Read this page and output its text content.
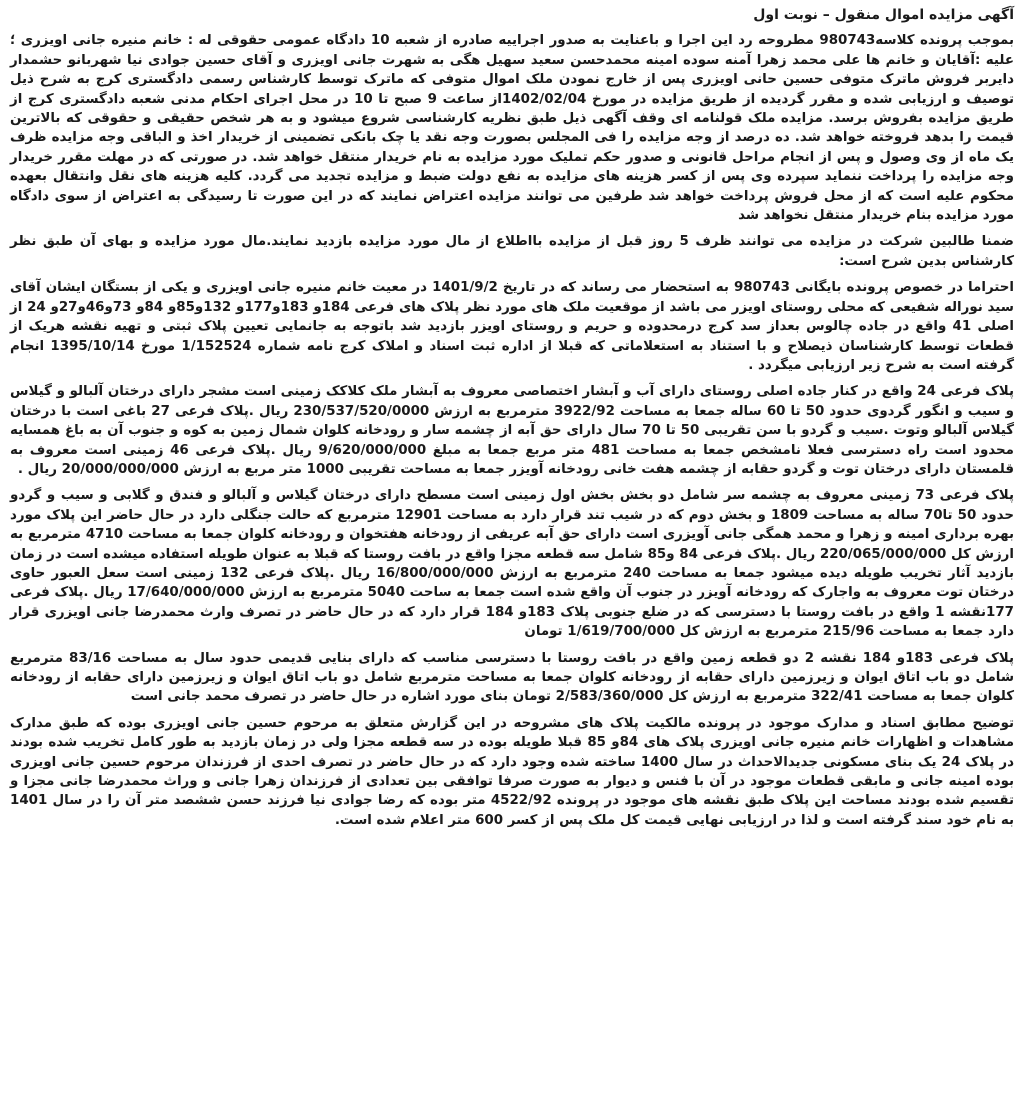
آگهی مزایده اموال منقول – نوبت اول

بموجب پرونده کلاسه980743 مطروحه رد این اجرا و باعنایت به صدور اجراییه صادره از شعبه 10 دادگاه عمومی حقوقی له : خانم منیره جانی اویزری ؛ علیه :آقایان و خانم ها علی محمد زهرا آمنه سوده امینه محمدحسن سعید سهیل هگی به شهرت جانی اویزری و آقای حسین جوادی نیا شهربانو حشمدار دایربر فروش ماترک متوفی حسین حانی اویزری پس از خارج نمودن ملک اموال متوفی که ماترک توسط کارشناس رسمی دادگستری کرج به شرح ذیل توصیف و ارزیابی شده و مقرر گردیده از طریق مزایده در مورخ 1402/02/04از ساعت 9 صبح تا 10 در محل اجرای احکام مدنی شعبه دادگستری کرج از طریق مزایده بفروش برسد. مزایده ملک قولنامه ای وقف آگهی ذیل طبق نظریه کارشناسی شروع میشود و به هر شخص حقیقی و حقوقی که بالاترین قیمت را بدهد فروخته خواهد شد. ده درصد از وجه مزایده را فی المجلس بصورت وجه نقد یا چک بانکی تضمینی از خریدار اخذ و الباقی وجه مزایده ظرف یک ماه از وی وصول و پس از انجام مراحل قانونی و صدور حکم تملیک مورد مزایده به نام خریدار منتقل خواهد شد. در صورتی که در مهلت مقرر خریدار وجه مزایده را پرداخت ننماید سپرده وی پس از کسر هزینه های مزایده به نفع دولت ضبط و مزایده تجدید می گردد. کلیه هزینه های نقل وانتقال بعهده محکوم علیه است که از محل فروش پرداخت خواهد شد طرفین می توانند مزایده اعتراض نمایند که در این صورت تا رسیدگی به اعتراض از سوی دادگاه مورد مزایده بنام خریدار منتقل نخواهد شد

ضمنا طالبین شرکت در مزایده می توانند ظرف 5 روز قبل از مزایده بااطلاع از مال مورد مزایده بازدید نمایند.مال مورد مزایده و بهای آن طبق نظر کارشناس بدین شرح است:

احتراما در خصوص پرونده بایگانی 980743 به استحضار می رساند که در تاریخ 1401/9/2 در معیت خانم منیره جانی اویزری و یکی از بستگان ایشان آقای سید نوراله شفیعی که محلی روستای اویزر می باشد از موقعیت ملک های مورد نظر پلاک های فرعی 184و 183و177و 132و85و 84و 73و46و27و 24 از اصلی 41 واقع در جاده چالوس بعداز سد کرج درمحدوده و حریم و روستای اویزر بازدید شد باتوجه به جانمایی تعیین پلاک ثبتی و تهیه نقشه هریک از قطعات توسط کارشناسان ذیصلاح و با استناد به استعلاماتی که قبلا از اداره ثبت اسناد و املاک کرج نامه شماره 1/152524 مورخ 1395/10/14 انجام گرفته است به شرح زیر ارزیابی میگردد .

پلاک فرعی 24 واقع در کنار جاده اصلی روستای دارای آب و آبشار اختصاصی معروف به آبشار ملک کلاکک زمینی است مشجر دارای درختان آلبالو و گیلاس و سیب و انگور گردوی حدود 50 تا 60 ساله جمعا به مساحت 3922/92 مترمربع به ارزش 230/537/520/0000 ریال .پلاک فرعی 27 باغی است با درختان گیلاس آلبالو وتوت .سیب و گردو با سن تقریبی 50 تا 70 سال دارای حق آبه از چشمه سار و رودخانه کلوان شمال زمین به کوه و جنوب آن به باغ همسایه محدود است راه دسترسی فعلا نامشخص جمعا به مساحت 481 متر مربع جمعا به مبلغ 9/620/000/000 ریال .پلاک فرعی 46 زمینی است معروف به قلمستان دارای درختان توت و گردو حقابه از چشمه هفت خانی رودخانه آویزر جمعا به مساحت تقریبی 1000 متر مربع به ارزش 20/000/000/000 ریال .

پلاک فرعی 73 زمینی معروف به چشمه سر شامل دو بخش بخش اول زمینی است مسطح دارای درختان گیلاس و آلبالو و فندق و گلابی و سیب و گردو حدود 50 تا70 ساله به مساحت 1809 و بخش دوم که در شیب تند قرار دارد به مساحت 12901 مترمربع که حالت جنگلی دارد در حال حاضر این پلاک مورد بهره برداری امینه و زهرا و محمد همگی جانی آویزری است دارای حق آبه عریفی از رودخانه هفتخوان و رودخانه کلوان جمعا به مساحت 4710 مترمربع به ارزش کل 220/065/000/000 ریال .پلاک فرعی 84 و85 شامل سه قطعه مجزا واقع در بافت روستا که قبلا به عنوان طویله استفاده میشده است در زمان بازدید آثار تخریب طویله دیده میشود جمعا به مساحت 240 مترمربع به ارزش 16/800/000/000 ریال .پلاک فرعی 132 زمینی است سعل العبور حاوی درختان توت معروف به واجارک که رودخانه آویزر در جنوب آن واقع شده است جمعا به ساحت 5040 مترمربع به ارزش 17/640/000/000 ریال .پلاک فرعی 177نقشه 1 واقع در بافت روستا با دسترسی که در ضلع جنوبی پلاک 183و 184 قرار دارد که در حال حاضر در تصرف وارث محمدرضا جانی اویزری قرار دارد جمعا به مساحت 215/96 مترمربع به ارزش کل 1/619/700/000 تومان

پلاک فرعی 183و 184 نقشه 2 دو قطعه زمین واقع در بافت روستا با دسترسی مناسب که دارای بنایی قدیمی حدود سال به مساحت 83/16 مترمربع شامل دو باب اتاق ایوان و زیرزمین دارای حقابه از رودخانه کلوان جمعا به مساحت مترمربع شامل دو باب اتاق ایوان و زیرزمین دارای حقابه از رودخانه کلوان جمعا به مساحت 322/41 مترمربع به ارزش کل 2/583/360/000 تومان بنای مورد اشاره در حال حاضر در تصرف محمد جانی است

توضیح مطابق اسناد و مدارک موجود در پرونده مالکیت پلاک های مشروحه در این گزارش متعلق به مرحوم حسین جانی اویزری بوده که طبق مدارک مشاهدات و اظهارات خانم منیره جانی اویزری پلاک های 84و 85 قبلا طویله بوده در سه قطعه مجزا ولی در زمان بازدید به طور کامل تخریب شده بودند در پلاک 24 یک بنای مسکونی جدیدالاحداث در سال 1400 ساخته شده وجود دارد که در حال حاضر در تصرف احدی از فرزندان مرحوم حسین جانی اویزری بوده امینه جانی و مابقی قطعات موجود در آن با فنس و دیوار به صورت صرفا توافقی بین تعدادی از فرزندان زهرا جانی و وراث محمدرضا جانی مجزا و تقسیم شده بودند مساحت این پلاک طبق نقشه های موجود در پرونده 4522/92 متر بوده که رضا جوادی نیا فرزند حسن ششصد متر آن را در سال 1401 به نام خود سند گرفته است و لذا در ارزیابی نهایی قیمت کل ملک پس از کسر 600 متر اعلام شده است.
